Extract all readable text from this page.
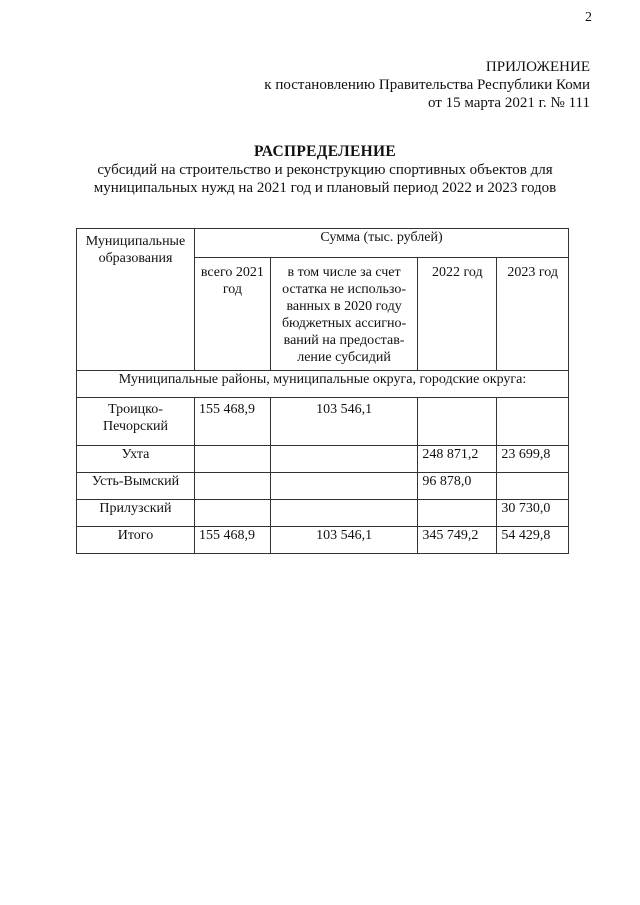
2
ПРИЛОЖЕНИЕ
к постановлению Правительства Республики Коми
от 15 марта 2021 г. № 111
РАСПРЕДЕЛЕНИЕ
субсидий на строительство и реконструкцию спортивных объектов для
муниципальных нужд на 2021 год и плановый период 2022 и 2023 годов
Муниципальные образования	Сумма (тыс. рублей)			
	всего 2021 год	в том числе за счет остатка не использо-ванных в 2020 году бюджетных ассигно-ваний на предостав-ление субсидий	2022 год	2023 год
Муниципальные районы, муниципальные округа, городские округа:				
Троицко-Печорский	155 468,9	103 546,1		
Ухта			248 871,2	23 699,8
Усть-Вымский			96 878,0	
Прилузский				30 730,0
Итого	155 468,9	103 546,1	345 749,2	54 429,8
